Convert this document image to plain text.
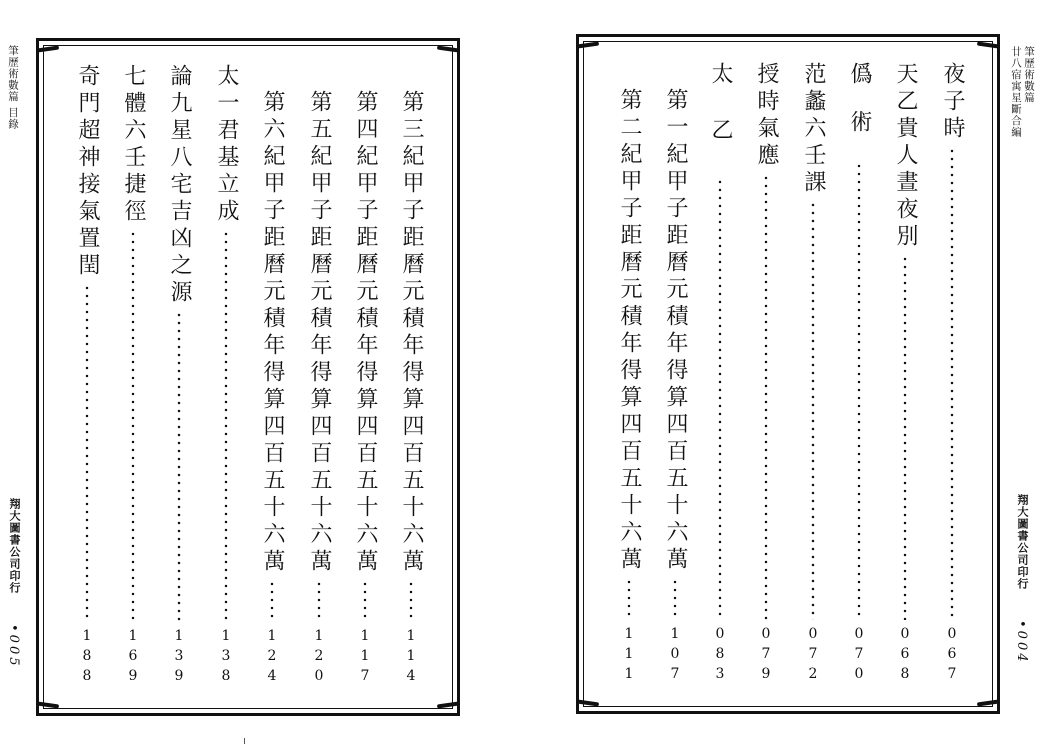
筆歷術數篇 目錄
翔大圖書公司印行
•005
第三紀甲子距曆元積年得算四百五十六萬
114
第四紀甲子距曆元積年得算四百五十六萬
117
第五紀甲子距曆元積年得算四百五十六萬
120
第六紀甲子距曆元積年得算四百五十六萬
124
太一君基立成
138
論九星八宅吉凶之源
139
七體六壬捷徑
169
奇門超神接氣置閏
188
筆歷術數篇
廿八宿寓星斷合編
翔大圖書公司印行
•004
夜子時
067
天乙貴人晝夜別
068
僞術
070
范蠡六壬課
072
授時氣應
079
太乙
083
第一紀甲子距曆元積年得算四百五十六萬
107
第二紀甲子距曆元積年得算四百五十六萬
111
